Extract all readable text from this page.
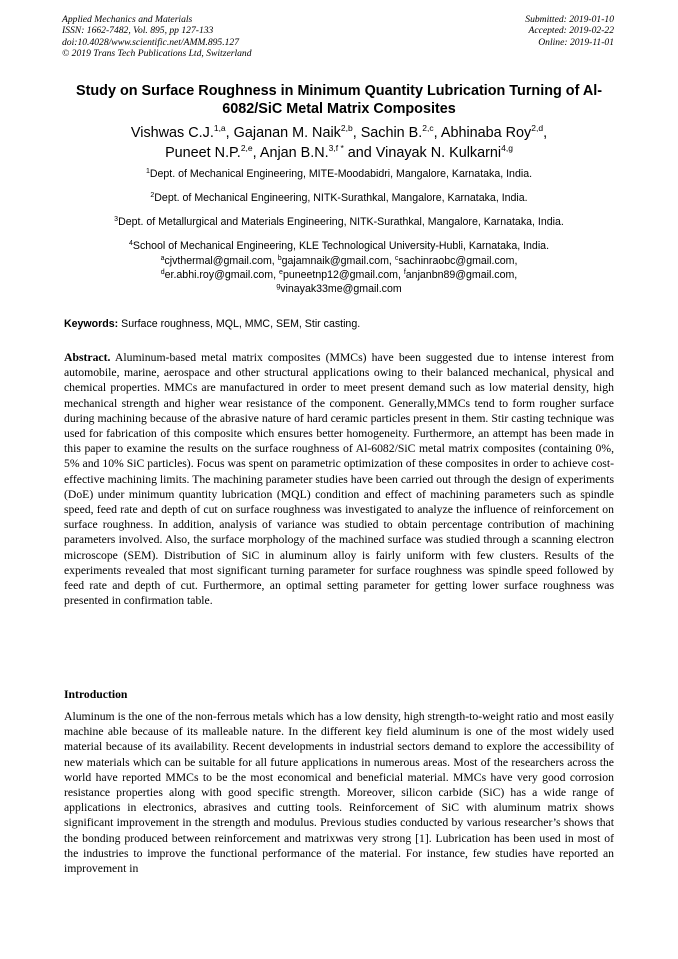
Applied Mechanics and Materials
ISSN: 1662-7482, Vol. 895, pp 127-133
doi:10.4028/www.scientific.net/AMM.895.127
© 2019 Trans Tech Publications Ltd, Switzerland
Submitted: 2019-01-10
Accepted: 2019-02-22
Online: 2019-11-01
Study on Surface Roughness in Minimum Quantity Lubrication Turning of Al-6082/SiC Metal Matrix Composites
Vishwas C.J.$^{1,a}$, Gajanan M. Naik$^{2,b}$, Sachin B.$^{2,c}$, Abhinaba Roy$^{2,d}$,
Puneet N.P.$^{2,e}$, Anjan B.N.$^{3,f *}$ and Vinayak N. Kulkarni$^{4,g}$
$^1$Dept. of Mechanical Engineering, MITE-Moodabidri, Mangalore, Karnataka, India.
$^2$Dept. of Mechanical Engineering, NITK-Surathkal, Mangalore, Karnataka, India.
$^3$Dept. of Metallurgical and Materials Engineering, NITK-Surathkal, Mangalore, Karnataka, India.
$^4$School of Mechanical Engineering, KLE Technological University-Hubli, Karnataka, India.
$^a$cjvthermal@gmail.com, $^b$gajamnaik@gmail.com, $^c$sachinraobc@gmail.com,
$^d$er.abhi.roy@gmail.com, $^e$puneetnp12@gmail.com, $^f$anjanbn89@gmail.com,
$^g$vinayak33me@gmail.com
Keywords: Surface roughness, MQL, MMC, SEM, Stir casting.
Abstract. Aluminum-based metal matrix composites (MMCs) have been suggested due to intense interest from automobile, marine, aerospace and other structural applications owing to their balanced mechanical, physical and chemical properties. MMCs are manufactured in order to meet present demand such as low material density, high mechanical strength and higher wear resistance of the component. Generally,MMCs tend to form rougher surface during machining because of the abrasive nature of hard ceramic particles present in them. Stir casting technique was used for fabrication of this composite which ensures better homogeneity. Furthermore, an attempt has been made in this paper to examine the results on the surface roughness of Al-6082/SiC metal matrix composites (containing 0%, 5% and 10% SiC particles). Focus was spent on parametric optimization of these composites in order to achieve cost-effective machining limits. The machining parameter studies have been carried out through the design of experiments (DoE) under minimum quantity lubrication (MQL) condition and effect of machining parameters such as spindle speed, feed rate and depth of cut on surface roughness was investigated to analyze the influence of reinforcement on surface roughness. In addition, analysis of variance was studied to obtain percentage contribution of machining parameters involved. Also, the surface morphology of the machined surface was studied through a scanning electron microscope (SEM). Distribution of SiC in aluminum alloy is fairly uniform with few clusters. Results of the experiments revealed that most significant turning parameter for surface roughness was spindle speed followed by feed rate and depth of cut. Furthermore, an optimal setting parameter for getting lower surface roughness was presented in confirmation table.
Introduction
Aluminum is the one of the non-ferrous metals which has a low density, high strength-to-weight ratio and most easily machine able because of its malleable nature. In the different key field aluminum is one of the most widely used material because of its availability. Recent developments in industrial sectors demand to explore the accessibility of new materials which can be suitable for all future applications in numerous areas. Most of the researchers across the world have reported MMCs to be the most economical and beneficial material. MMCs have very good corrosion resistance properties along with good specific strength. Moreover, silicon carbide (SiC) has a wide range of applications in electronics, abrasives and cutting tools. Reinforcement of SiC with aluminum matrix shows significant improvement in the strength and modulus. Previous studies conducted by various researcher’s shows that the bonding produced between reinforcement and matrixwas very strong [1]. Lubrication has been used in most of the industries to improve the functional performance of the material. For instance, few studies have reported an improvement in
